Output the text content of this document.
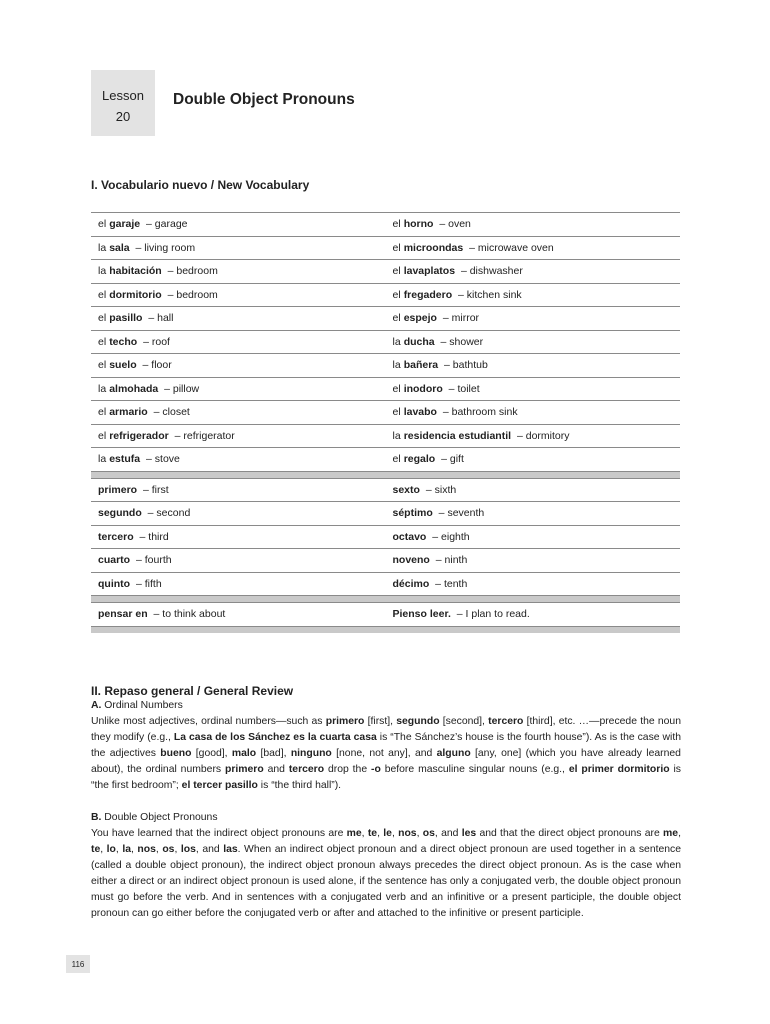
Lesson
20
Double Object Pronouns
I. Vocabulario nuevo / New Vocabulary
el garaje – garage	el horno – oven
la sala – living room	el microondas – microwave oven
la habitación – bedroom	el lavaplatos – dishwasher
el dormitorio – bedroom	el fregadero – kitchen sink
el pasillo – hall	el espejo – mirror
el techo – roof	la ducha – shower
el suelo – floor	la bañera – bathtub
la almohada – pillow	el inodoro – toilet
el armario – closet	el lavabo – bathroom sink
el refrigerador – refrigerator	la residencia estudiantil – dormitory
la estufa – stove	el regalo – gift
primero – first	sexto – sixth
segundo – second	séptimo – seventh
tercero – third	octavo – eighth
cuarto – fourth	noveno – ninth
quinto – fifth	décimo – tenth
pensar en – to think about	Pienso leer. – I plan to read.
II. Repaso general / General Review
A. Ordinal Numbers

Unlike most adjectives, ordinal numbers—such as primero [first], segundo [second], tercero [third], etc. …—precede the noun they modify (e.g., La casa de los Sánchez es la cuarta casa is “The Sánchez’s house is the fourth house”). As is the case with the adjectives bueno [good], malo [bad], ninguno [none, not any], and alguno [any, one] (which you have already learned about), the ordinal numbers primero and tercero drop the -o before masculine singular nouns (e.g., el primer dormitorio is “the first bedroom”; el tercer pasillo is “the third hall”).

B. Double Object Pronouns

You have learned that the indirect object pronouns are me, te, le, nos, os, and les and that the direct object pronouns are me, te, lo, la, nos, os, los, and las. When an indirect object pronoun and a direct object pronoun are used together in a sentence (called a double object pronoun), the indirect object pronoun always precedes the direct object pronoun. As is the case when either a direct or an indirect object pronoun is used alone, if the sentence has only a conjugated verb, the double object pronoun must go before the verb. And in sentences with a conjugated verb and an infinitive or a present participle, the double object pronoun can go either before the conjugated verb or after and attached to the infinitive or present participle.

116
